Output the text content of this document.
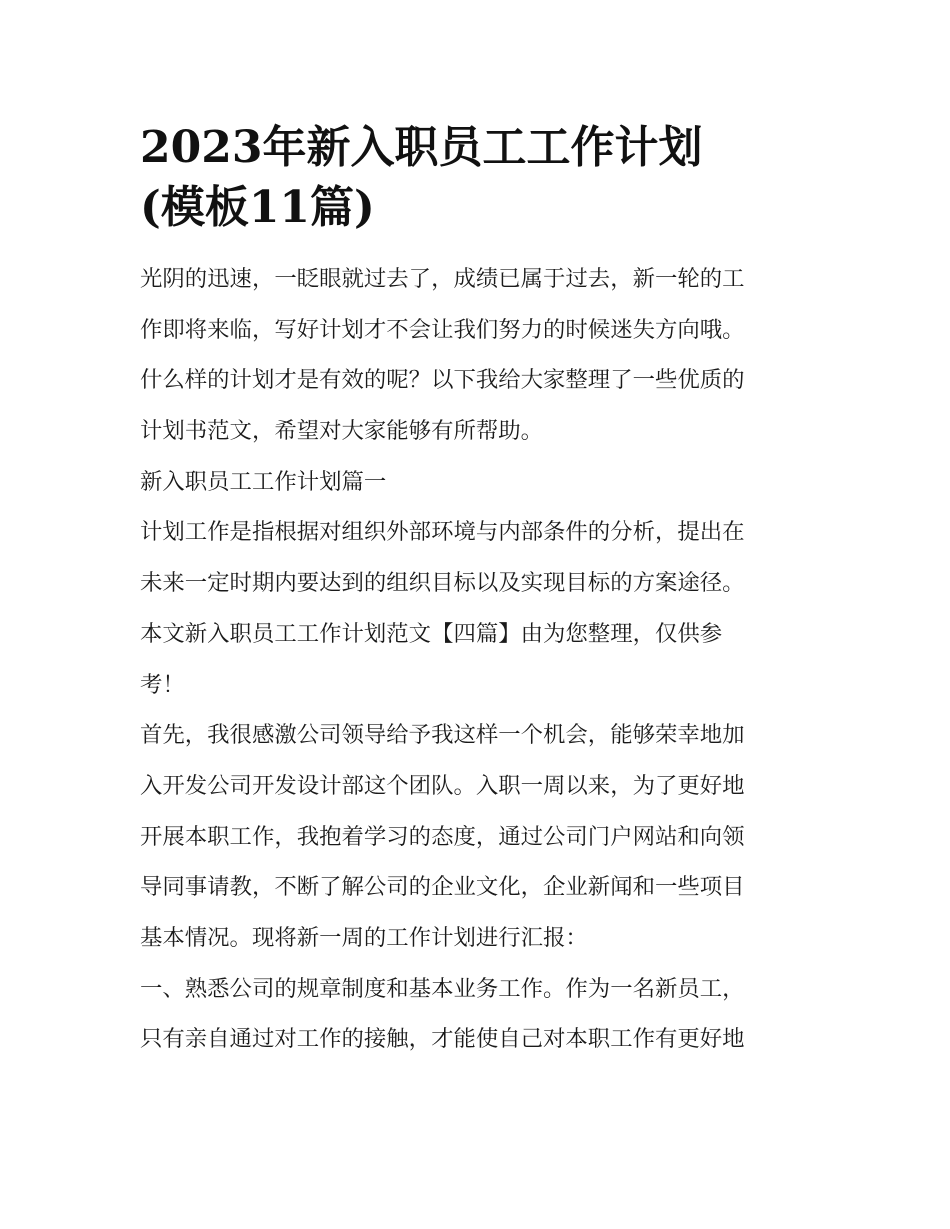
2023年新入职员工工作计划
(模板11篇)

光阴的迅速，一眨眼就过去了，成绩已属于过去，新一轮的工
作即将来临，写好计划才不会让我们努力的时候迷失方向哦。
什么样的计划才是有效的呢？以下我给大家整理了一些优质的
计划书范文，希望对大家能够有所帮助。

新入职员工工作计划篇一

计划工作是指根据对组织外部环境与内部条件的分析，提出在
未来一定时期内要达到的组织目标以及实现目标的方案途径。
本文新入职员工工作计划范文【四篇】由为您整理，仅供参
考！

首先，我很感激公司领导给予我这样一个机会，能够荣幸地加
入开发公司开发设计部这个团队。入职一周以来，为了更好地
开展本职工作，我抱着学习的态度，通过公司门户网站和向领
导同事请教，不断了解公司的企业文化，企业新闻和一些项目
基本情况。现将新一周的工作计划进行汇报：

一、熟悉公司的规章制度和基本业务工作。作为一名新员工，
只有亲自通过对工作的接触，才能使自己对本职工作有更好地
